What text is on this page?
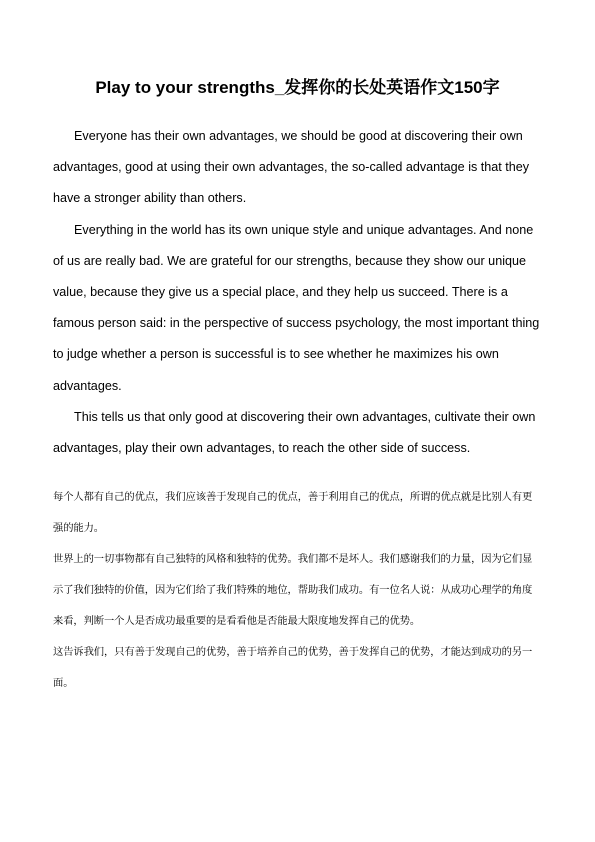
Play to your strengths_发挥你的长处英语作文150字

Everyone has their own advantages, we should be good at discovering their own advantages, good at using their own advantages, the so-called advantage is that they have a stronger ability than others.

Everything in the world has its own unique style and unique advantages. And none of us are really bad. We are grateful for our strengths, because they show our unique value, because they give us a special place, and they help us succeed. There is a famous person said: in the perspective of success psychology, the most important thing to judge whether a person is successful is to see whether he maximizes his own advantages.

This tells us that only good at discovering their own advantages, cultivate their own advantages, play their own advantages, to reach the other side of success.

每个人都有自己的优点，我们应该善于发现自己的优点，善于利用自己的优点，所谓的优点就是比别人有更强的能力。

世界上的一切事物都有自己独特的风格和独特的优势。我们都不是坏人。我们感谢我们的力量，因为它们显示了我们独特的价值，因为它们给了我们特殊的地位，帮助我们成功。有一位名人说：从成功心理学的角度来看，判断一个人是否成功最重要的是看看他是否能最大限度地发挥自己的优势。

这告诉我们，只有善于发现自己的优势，善于培养自己的优势，善于发挥自己的优势，才能达到成功的另一面。
